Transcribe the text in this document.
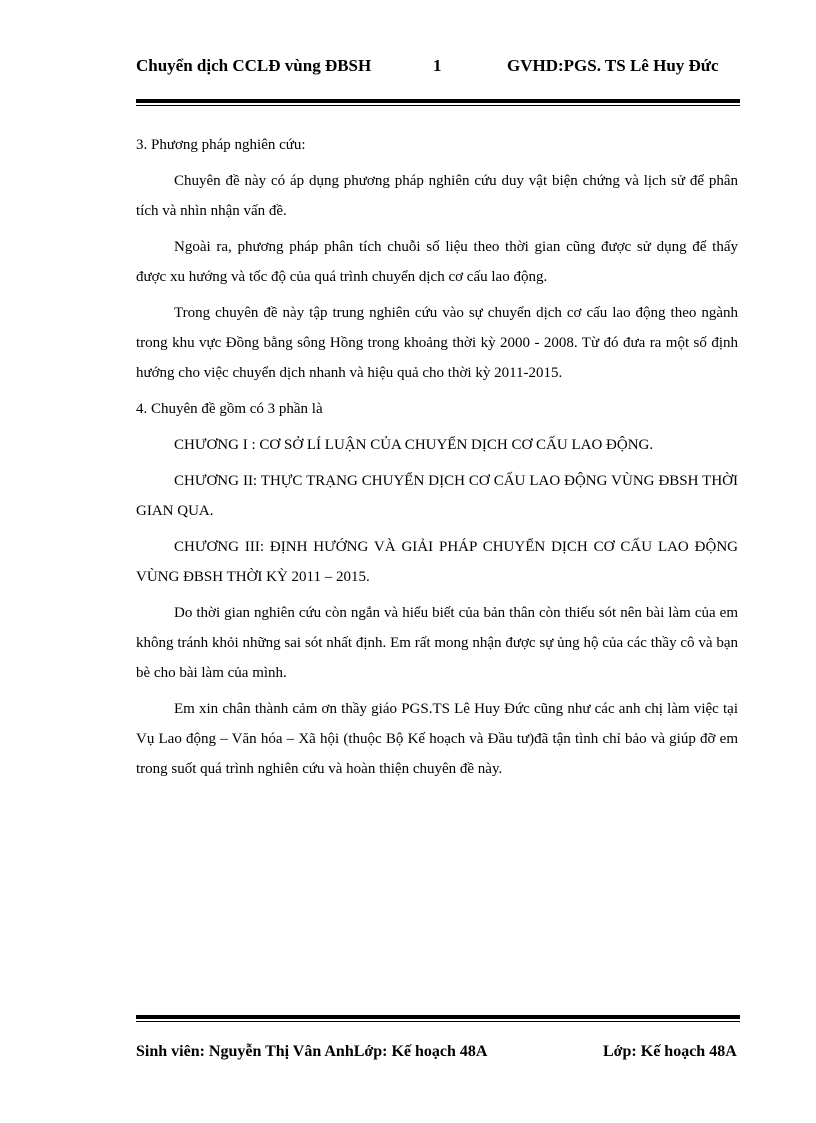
Chuyển dịch CCLĐ vùng ĐBSH	1	GVHD:PGS. TS Lê Huy Đức

3. Phương pháp nghiên cứu:

Chuyên đề này có áp dụng phương pháp nghiên cứu duy vật biện chứng và lịch sử để phân tích và nhìn nhận vấn đề.

Ngoài ra, phương pháp phân tích chuỗi số liệu theo thời gian cũng được sử dụng để thấy được xu hướng và tốc độ của quá trình chuyển dịch cơ cấu lao động.

Trong chuyên đề này tập trung nghiên cứu vào sự chuyển dịch cơ cấu lao động theo ngành trong khu vực Đồng bằng sông Hồng trong khoảng thời kỳ 2000 - 2008. Từ đó đưa ra một số định hướng cho việc chuyển dịch nhanh và hiệu quả cho thời kỳ 2011-2015.

4. Chuyên đề gồm có 3 phần là

CHƯƠNG I : CƠ SỞ LÍ LUẬN CỦA CHUYỂN DỊCH CƠ CẤU LAO ĐỘNG.

CHƯƠNG II: THỰC TRẠNG CHUYỂN DỊCH CƠ CẤU LAO ĐỘNG VÙNG ĐBSH THỜI GIAN QUA.

CHƯƠNG III: ĐỊNH HƯỚNG VÀ GIẢI PHÁP CHUYỂN DỊCH CƠ CẤU LAO ĐỘNG VÙNG ĐBSH THỜI KỲ 2011 – 2015.

Do thời gian nghiên cứu còn ngắn và hiểu biết của bản thân còn thiếu sót nên bài làm của em không tránh khỏi những sai sót nhất định. Em rất mong nhận được sự ủng hộ của các thầy cô và bạn bè cho bài làm của mình.

Em xin chân thành cảm ơn thầy giáo PGS.TS Lê Huy Đức cũng như các anh chị làm việc tại Vụ Lao động – Văn hóa – Xã hội (thuộc Bộ Kế hoạch và Đầu tư)đã tận tình chỉ bảo và giúp đỡ em trong suốt quá trình nghiên cứu và hoàn thiện chuyên đề này.

Sinh viên: Nguyễn Thị Vân AnhLớp: Kế hoạch 48A	Lớp: Kế hoạch 48A
